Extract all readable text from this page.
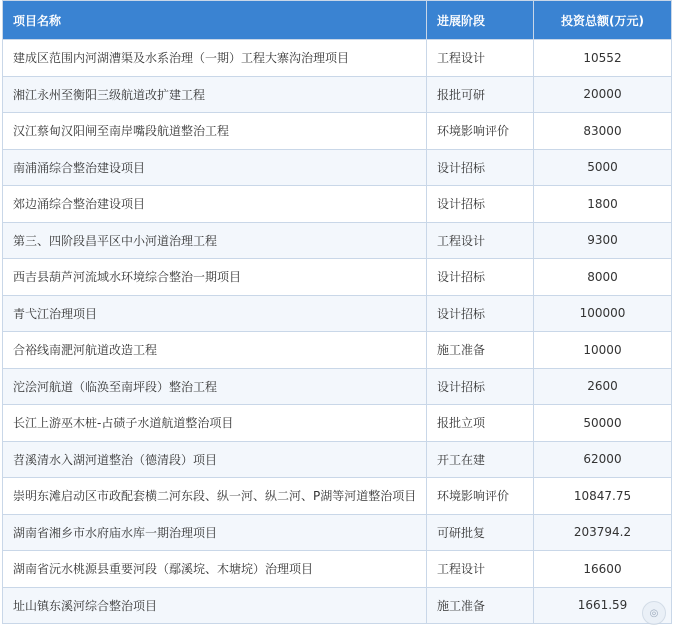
项目名称	进展阶段	投资总额(万元)
建成区范围内河湖漕渠及水系治理（一期）工程大寨沟治理项目	工程设计	10552
湘江永州至衡阳三级航道改扩建工程	报批可研	20000
汉江蔡甸汉阳闸至南岸嘴段航道整治工程	环境影响评价	83000
南浦涌综合整治建设项目	设计招标	5000
郊边涌综合整治建设项目	设计招标	1800
第三、四阶段昌平区中小河道治理工程	工程设计	9300
西吉县葫芦河流域水环境综合整治一期项目	设计招标	8000
青弋江治理项目	设计招标	100000
合裕线南淝河航道改造工程	施工准备	10000
沱浍河航道（临涣至南坪段）整治工程	设计招标	2600
长江上游巫木桩-占碛子水道航道整治项目	报批立项	50000
苕溪清水入湖河道整治（德清段）项目	开工在建	62000
崇明东滩启动区市政配套横二河东段、纵一河、纵二河、P湖等河道整治项目	环境影响评价	10847.75
湖南省湘乡市水府庙水库一期治理项目	可研批复	203794.2
湖南省沅水桃源县重要河段（鄢溪垸、木塘垸）治理项目	工程设计	16600
址山镇东溪河综合整治项目	施工准备	1661.59
◎
